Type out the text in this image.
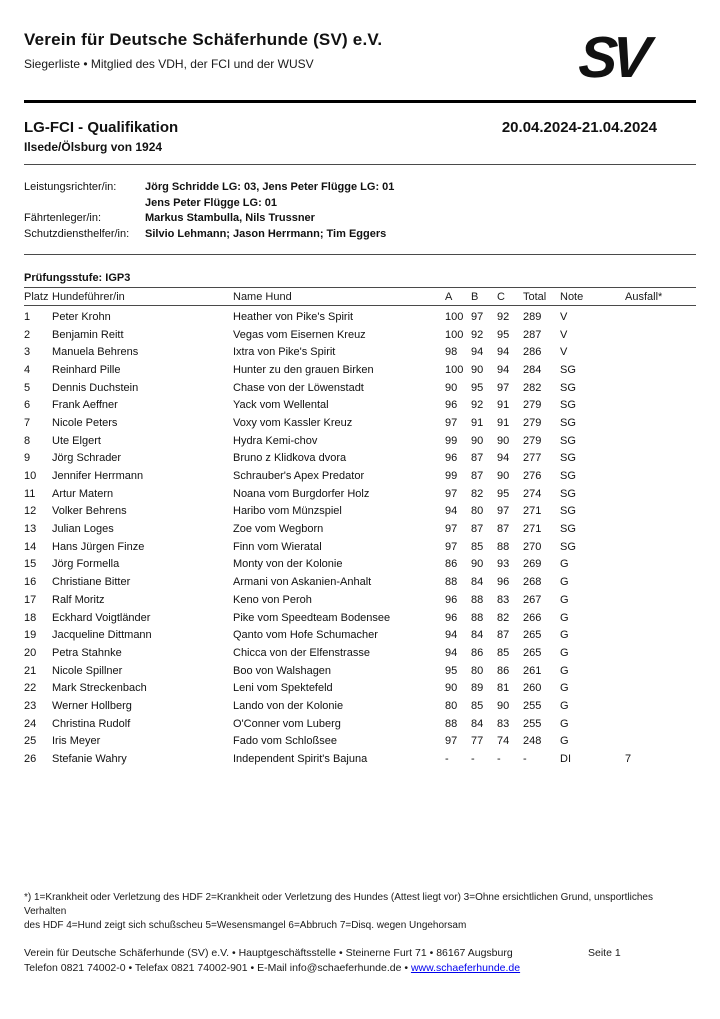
Verein für Deutsche Schäferhunde (SV) e.V.
Siegerliste • Mitglied des VDH, der FCI und der WUSV	SV
LG-FCI - Qualifikation	20.04.2024-21.04.2024
Ilsede/Ölsburg von 1924
Leistungsrichter/in:	Jörg Schridde LG: 03, Jens Peter Flügge LG: 01
Jens Peter Flügge LG: 01
Fährtenleger/in:	Markus Stambulla, Nils Trussner
Schutzdiensthelfer/in:	Silvio Lehmann; Jason Herrmann; Tim Eggers
Prüfungsstufe: IGP3
Platz Hundeführer/in	Name Hund	A	B	C	Total	Note	Ausfall*
1	Peter Krohn	Heather von Pike's Spirit	100 97	92	289	V
2	Benjamin Reitt	Vegas vom Eisernen Kreuz	100 92	95	287	V
3	Manuela Behrens	Ixtra von Pike's Spirit	98	94	94	286	V
4	Reinhard Pille	Hunter zu den grauen Birken	100 90	94	284	SG
5	Dennis Duchstein	Chase von der Löwenstadt	90	95	97	282	SG
6	Frank Aeffner	Yack vom Wellental	96	92	91	279	SG
7	Nicole Peters	Voxy vom Kassler Kreuz	97	91	91	279	SG
8	Ute Elgert	Hydra Kemi-chov	99	90	90	279	SG
9	Jörg Schrader	Bruno z Klidkova dvora	96	87	94	277	SG
10	Jennifer Herrmann	Schrauber's Apex Predator	99	87	90	276	SG
11	Artur Matern	Noana vom Burgdorfer Holz	97	82	95	274	SG
12	Volker Behrens	Haribo vom Münzspiel	94	80	97	271	SG
13	Julian Loges	Zoe vom Wegborn	97	87	87	271	SG
14	Hans Jürgen Finze	Finn vom Wieratal	97	85	88	270	SG
15	Jörg Formella	Monty von der Kolonie	86	90	93	269	G
16	Christiane Bitter	Armani von Askanien-Anhalt	88	84	96	268	G
17	Ralf Moritz	Keno von Peroh	96	88	83	267	G
18	Eckhard Voigtländer	Pike vom Speedteam Bodensee	96	88	82	266	G
19	Jacqueline Dittmann	Qanto vom Hofe Schumacher	94	84	87	265	G
20	Petra Stahnke	Chicca von der Elfenstrasse	94	86	85	265	G
21	Nicole Spillner	Boo von Walshagen	95	80	86	261	G
22	Mark Streckenbach	Leni vom Spektefeld	90	89	81	260	G
23	Werner Hollberg	Lando von der Kolonie	80	85	90	255	G
24	Christina Rudolf	O'Conner vom Luberg	88	84	83	255	G
25	Iris Meyer	Fado vom Schloßsee	97	77	74	248	G
26	Stefanie Wahry	Independent Spirit's Bajuna	-	-	-	-	DI	7
*) 1=Krankheit oder Verletzung des HDF 2=Krankheit oder Verletzung des Hundes (Attest liegt vor) 3=Ohne ersichtlichen Grund, unsportliches Verhalten
des HDF 4=Hund zeigt sich schußscheu 5=Wesensmangel 6=Abbruch 7=Disq. wegen Ungehorsam
Verein für Deutsche Schäferhunde (SV) e.V. • Hauptgeschäftsstelle • Steinerne Furt 71 • 86167 Augsburg	Seite 1
Telefon 0821 74002-0 • Telefax 0821 74002-901 • E-Mail info@schaeferhunde.de • www.schaeferhunde.de
